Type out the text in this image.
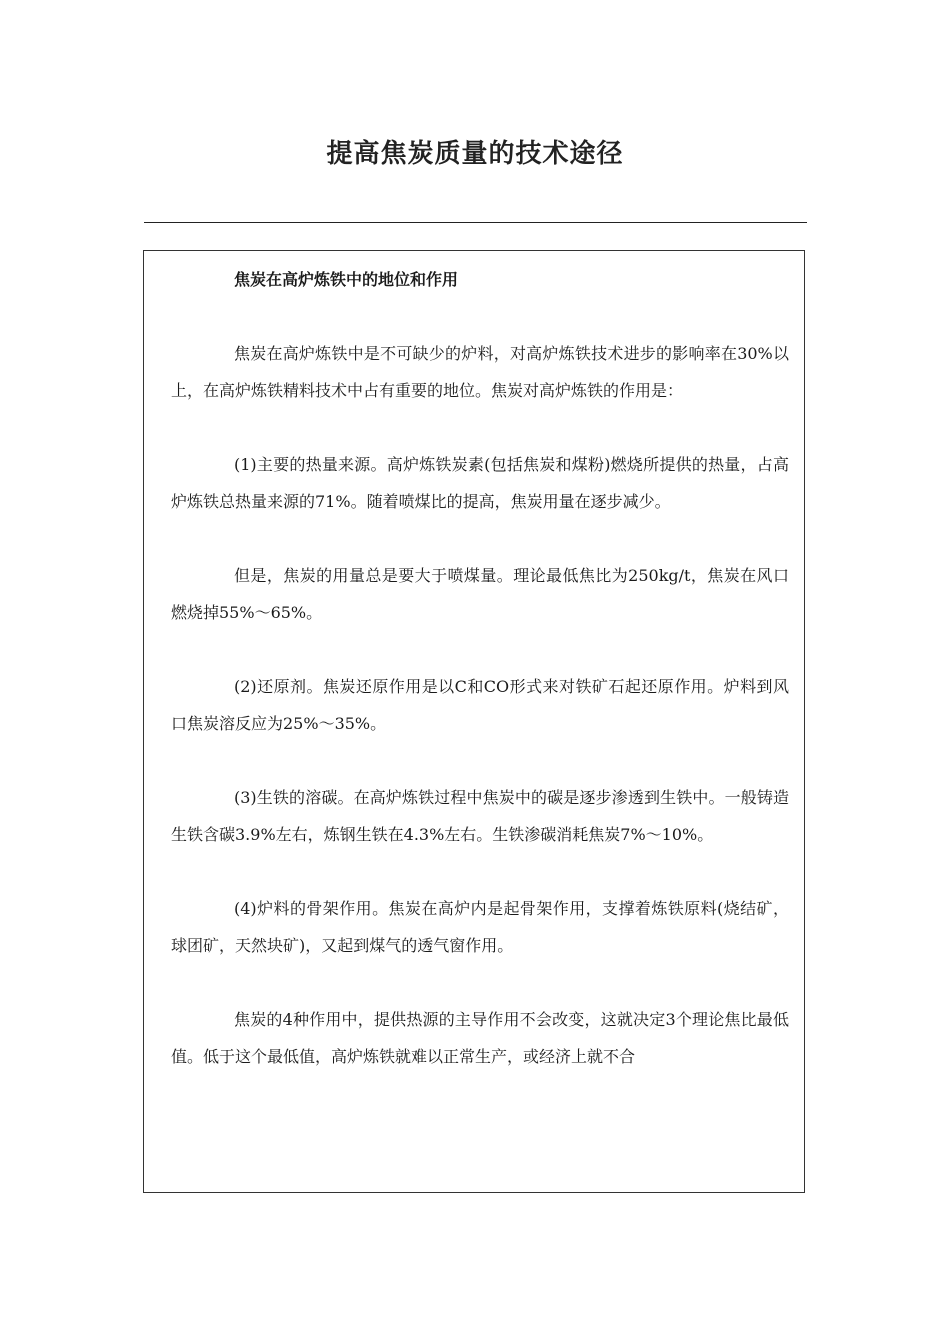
提高焦炭质量的技术途径

焦炭在高炉炼铁中的地位和作用

焦炭在高炉炼铁中是不可缺少的炉料，对高炉炼铁技术进步的影响率在30%以上，在高炉炼铁精料技术中占有重要的地位。焦炭对高炉炼铁的作用是：

(1)主要的热量来源。高炉炼铁炭素(包括焦炭和煤粉)燃烧所提供的热量，占高炉炼铁总热量来源的71%。随着喷煤比的提高，焦炭用量在逐步减少。

但是，焦炭的用量总是要大于喷煤量。理论最低焦比为250kg/t，焦炭在风口燃烧掉55%～65%。

(2)还原剂。焦炭还原作用是以C和CO形式来对铁矿石起还原作用。炉料到风口焦炭溶反应为25%～35%。

(3)生铁的溶碳。在高炉炼铁过程中焦炭中的碳是逐步渗透到生铁中。一般铸造生铁含碳3.9%左右，炼钢生铁在4.3%左右。生铁渗碳消耗焦炭7%～10%。

(4)炉料的骨架作用。焦炭在高炉内是起骨架作用，支撑着炼铁原料(烧结矿，球团矿，天然块矿)，又起到煤气的透气窗作用。

焦炭的4种作用中，提供热源的主导作用不会改变，这就决定3个理论焦比最低值。低于这个最低值，高炉炼铁就难以正常生产，或经济上就不合
